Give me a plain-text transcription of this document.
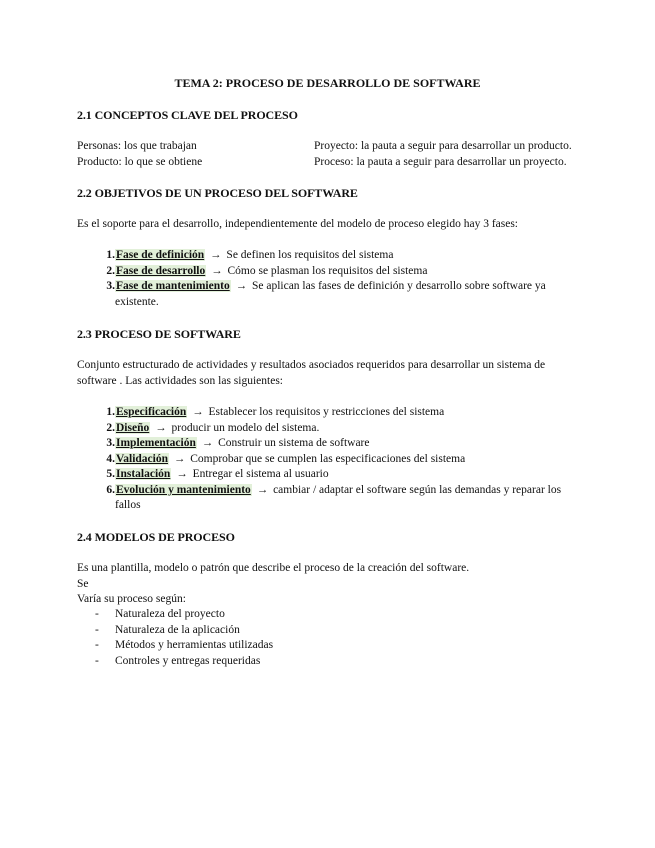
TEMA 2: PROCESO DE DESARROLLO DE SOFTWARE
2.1 CONCEPTOS CLAVE DEL PROCESO
Personas: los que trabajan	Proyecto: la pauta a seguir para desarrollar un producto.
Producto: lo que se obtiene	Proceso: la pauta a seguir para desarrollar un proyecto.
2.2 OBJETIVOS DE UN PROCESO DEL SOFTWARE
Es el soporte para el desarrollo, independientemente del modelo de proceso elegido hay 3 fases:
1. Fase de definición → Se definen los requisitos del sistema
2. Fase de desarrollo → Cómo se plasman los requisitos del sistema
3. Fase de mantenimiento → Se aplican las fases de definición y desarrollo sobre software ya existente.
2.3 PROCESO DE SOFTWARE
Conjunto estructurado de actividades y resultados asociados requeridos para desarrollar un sistema de software . Las actividades son las siguientes:
1. Especificación → Establecer los requisitos y restricciones del sistema
2. Diseño → producir un modelo del sistema.
3. Implementación → Construir un sistema de software
4. Validación → Comprobar que se cumplen las especificaciones del sistema
5. Instalación → Entregar el sistema al usuario
6. Evolución y mantenimiento → cambiar / adaptar el software según las demandas y reparar los fallos
2.4 MODELOS DE PROCESO
Es una plantilla, modelo o patrón que describe el proceso de la creación del software.
Se
Varía su proceso según:
-	Naturaleza del proyecto
-	Naturaleza de la aplicación
-	Métodos y herramientas utilizadas
-	Controles y entregas requeridas
